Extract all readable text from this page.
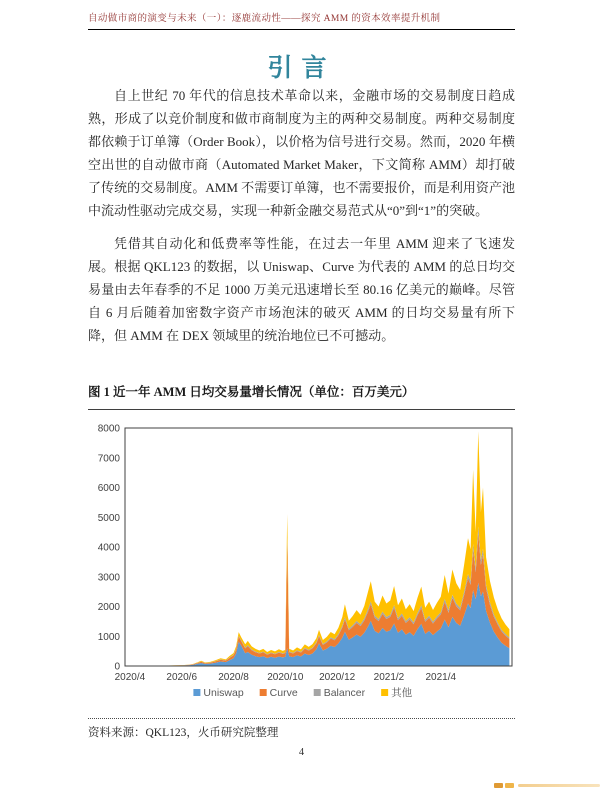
自动做市商的演变与未来（一）：逐鹿流动性——探究 AMM 的资本效率提升机制
引言

自上世纪 70 年代的信息技术革命以来，金融市场的交易制度日趋成熟，形成了以竞价制度和做市商制度为主的两种交易制度。两种交易制度都依赖于订单簿（Order Book），以价格为信号进行交易。然而，2020 年横空出世的自动做市商（Automated Market Maker，下文简称 AMM）却打破了传统的交易制度。AMM 不需要订单簿，也不需要报价，而是利用资产池中流动性驱动完成交易，实现一种新金融交易范式从“0”到“1”的突破。

凭借其自动化和低费率等性能，在过去一年里 AMM 迎来了飞速发展。根据 QKL123 的数据，以 Uniswap、Curve 为代表的 AMM 的总日均交易量由去年春季的不足 1000 万美元迅速增长至 80.16 亿美元的巅峰。尽管自 6 月后随着加密数字资产市场泡沫的破灭 AMM 的日均交易量有所下降，但 AMM 在 DEX 领域里的统治地位已不可撼动。

图 1 近一年 AMM 日均交易量增长情况（单位：百万美元）
0
1000
2000
3000
4000
5000
6000
7000
8000
2020/4 2020/6 2020/8 2020/10 2020/12 2021/2 2021/4
Uniswap Curve Balancer 其他
资料来源：QKL123，火币研究院整理
4
